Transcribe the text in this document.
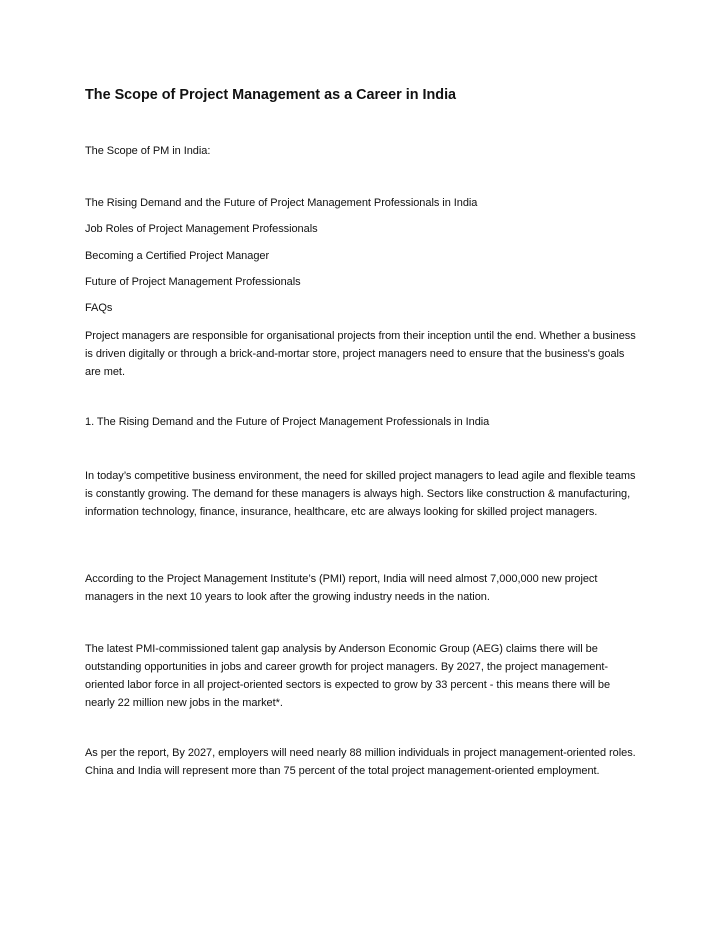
The Scope of Project Management as a Career in India
The Scope of PM in India:
The Rising Demand and the Future of Project Management Professionals in India
Job Roles of Project Management Professionals
Becoming a Certified Project Manager
Future of Project Management Professionals
FAQs
Project managers are responsible for organisational projects from their inception until the end. Whether a business is driven digitally or through a brick-and-mortar store, project managers need to ensure that the business's goals are met.
1. The Rising Demand and the Future of Project Management Professionals in India
In today’s competitive business environment, the need for skilled project managers to lead agile and flexible teams is constantly growing. The demand for these managers is always high. Sectors like construction & manufacturing, information technology, finance, insurance, healthcare, etc are always looking for skilled project managers.
According to the Project Management Institute’s (PMI) report, India will need almost 7,000,000 new project managers in the next 10 years to look after the growing industry needs in the nation.
The latest PMI-commissioned talent gap analysis by Anderson Economic Group (AEG) claims there will be outstanding opportunities in jobs and career growth for project managers. By 2027, the project management-oriented labor force in all project-oriented sectors is expected to grow by 33 percent - this means there will be nearly 22 million new jobs in the market*.
As per the report, By 2027, employers will need nearly 88 million individuals in project management-oriented roles. China and India will represent more than 75 percent of the total project management-oriented employment.
